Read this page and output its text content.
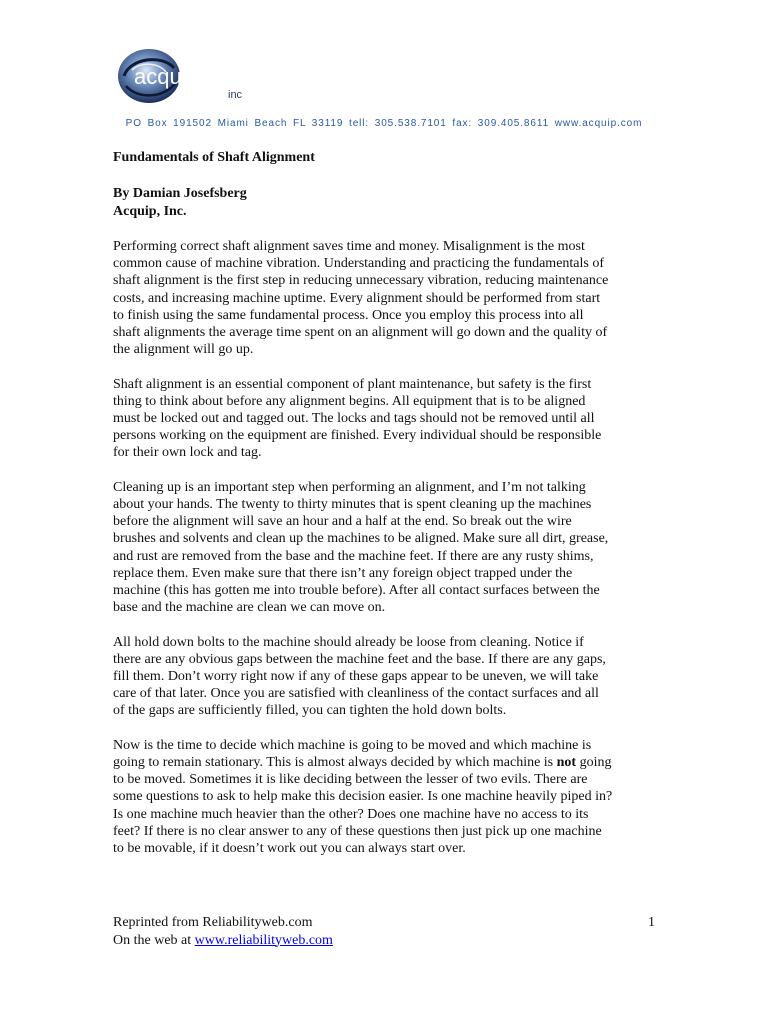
acquip
inc
PO Box 191502 Miami Beach FL 33119 tell: 305.538.7101 fax: 309.405.8611 www.acquip.com

Fundamentals of Shaft Alignment

By Damian Josefsberg

Acquip, Inc.

Performing correct shaft alignment saves time and money. Misalignment is the most
common cause of machine vibration. Understanding and practicing the fundamentals of
shaft alignment is the first step in reducing unnecessary vibration, reducing maintenance
costs, and increasing machine uptime. Every alignment should be performed from start
to finish using the same fundamental process. Once you employ this process into all
shaft alignments the average time spent on an alignment will go down and the quality of
the alignment will go up.

Shaft alignment is an essential component of plant maintenance, but safety is the first
thing to think about before any alignment begins. All equipment that is to be aligned
must be locked out and tagged out. The locks and tags should not be removed until all
persons working on the equipment are finished. Every individual should be responsible
for their own lock and tag.

Cleaning up is an important step when performing an alignment, and I’m not talking
about your hands. The twenty to thirty minutes that is spent cleaning up the machines
before the alignment will save an hour and a half at the end. So break out the wire
brushes and solvents and clean up the machines to be aligned. Make sure all dirt, grease,
and rust are removed from the base and the machine feet. If there are any rusty shims,
replace them. Even make sure that there isn’t any foreign object trapped under the
machine (this has gotten me into trouble before). After all contact surfaces between the
base and the machine are clean we can move on.

All hold down bolts to the machine should already be loose from cleaning. Notice if
there are any obvious gaps between the machine feet and the base. If there are any gaps,
fill them. Don’t worry right now if any of these gaps appear to be uneven, we will take
care of that later. Once you are satisfied with cleanliness of the contact surfaces and all
of the gaps are sufficiently filled, you can tighten the hold down bolts.

Now is the time to decide which machine is going to be moved and which machine is
going to remain stationary. This is almost always decided by which machine is not going
to be moved. Sometimes it is like deciding between the lesser of two evils. There are
some questions to ask to help make this decision easier. Is one machine heavily piped in?
Is one machine much heavier than the other? Does one machine have no access to its
feet? If there is no clear answer to any of these questions then just pick up one machine
to be movable, if it doesn’t work out you can always start over.

Reprinted from Reliabilityweb.com	1
On the web at www.reliabilityweb.com
